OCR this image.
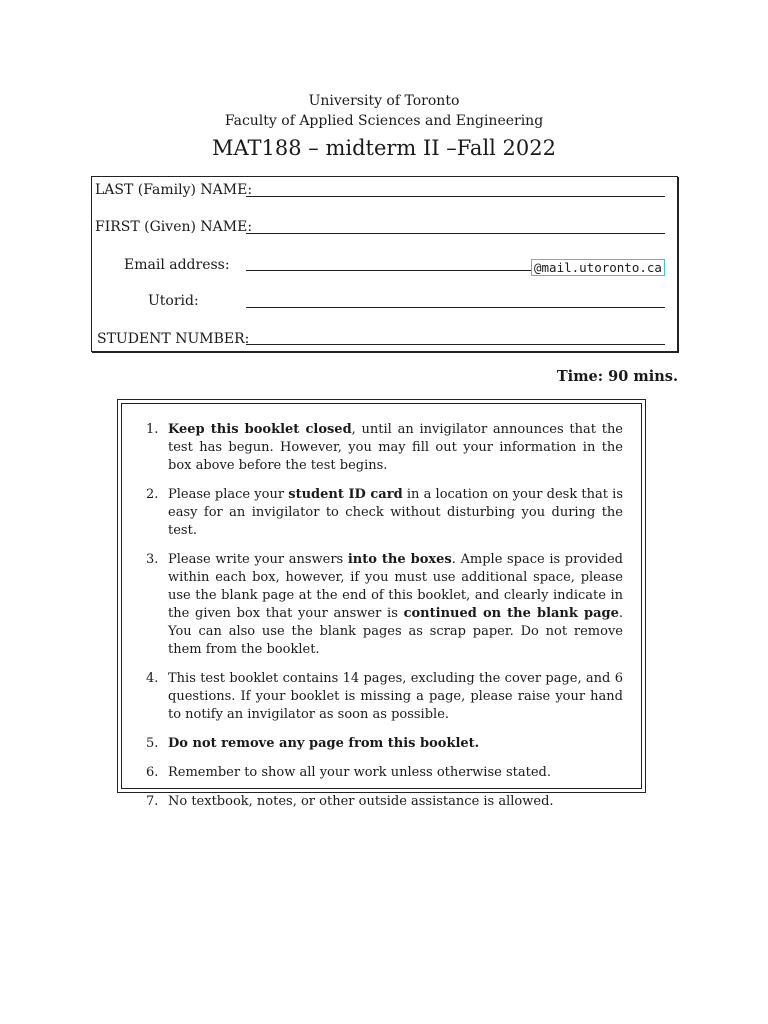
University of Toronto
Faculty of Applied Sciences and Engineering
MAT188 – midterm II –Fall 2022
LAST (Family) NAME:
FIRST (Given) NAME:
Email address:	@mail.utoronto.ca
Utorid:
STUDENT NUMBER:
Time: 90 mins.
1. Keep this booklet closed, until an invigilator announces that the test has begun. However, you may fill out your information in the box above before the test begins.
2. Please place your student ID card in a location on your desk that is easy for an invigilator to check without disturbing you during the test.
3. Please write your answers into the boxes. Ample space is provided within each box, however, if you must use additional space, please use the blank page at the end of this booklet, and clearly indicate in the given box that your answer is continued on the blank page. You can also use the blank pages as scrap paper. Do not remove them from the booklet.
4. This test booklet contains 14 pages, excluding the cover page, and 6 questions. If your booklet is missing a page, please raise your hand to notify an invigilator as soon as possible.
5. Do not remove any page from this booklet.
6. Remember to show all your work unless otherwise stated.
7. No textbook, notes, or other outside assistance is allowed.
